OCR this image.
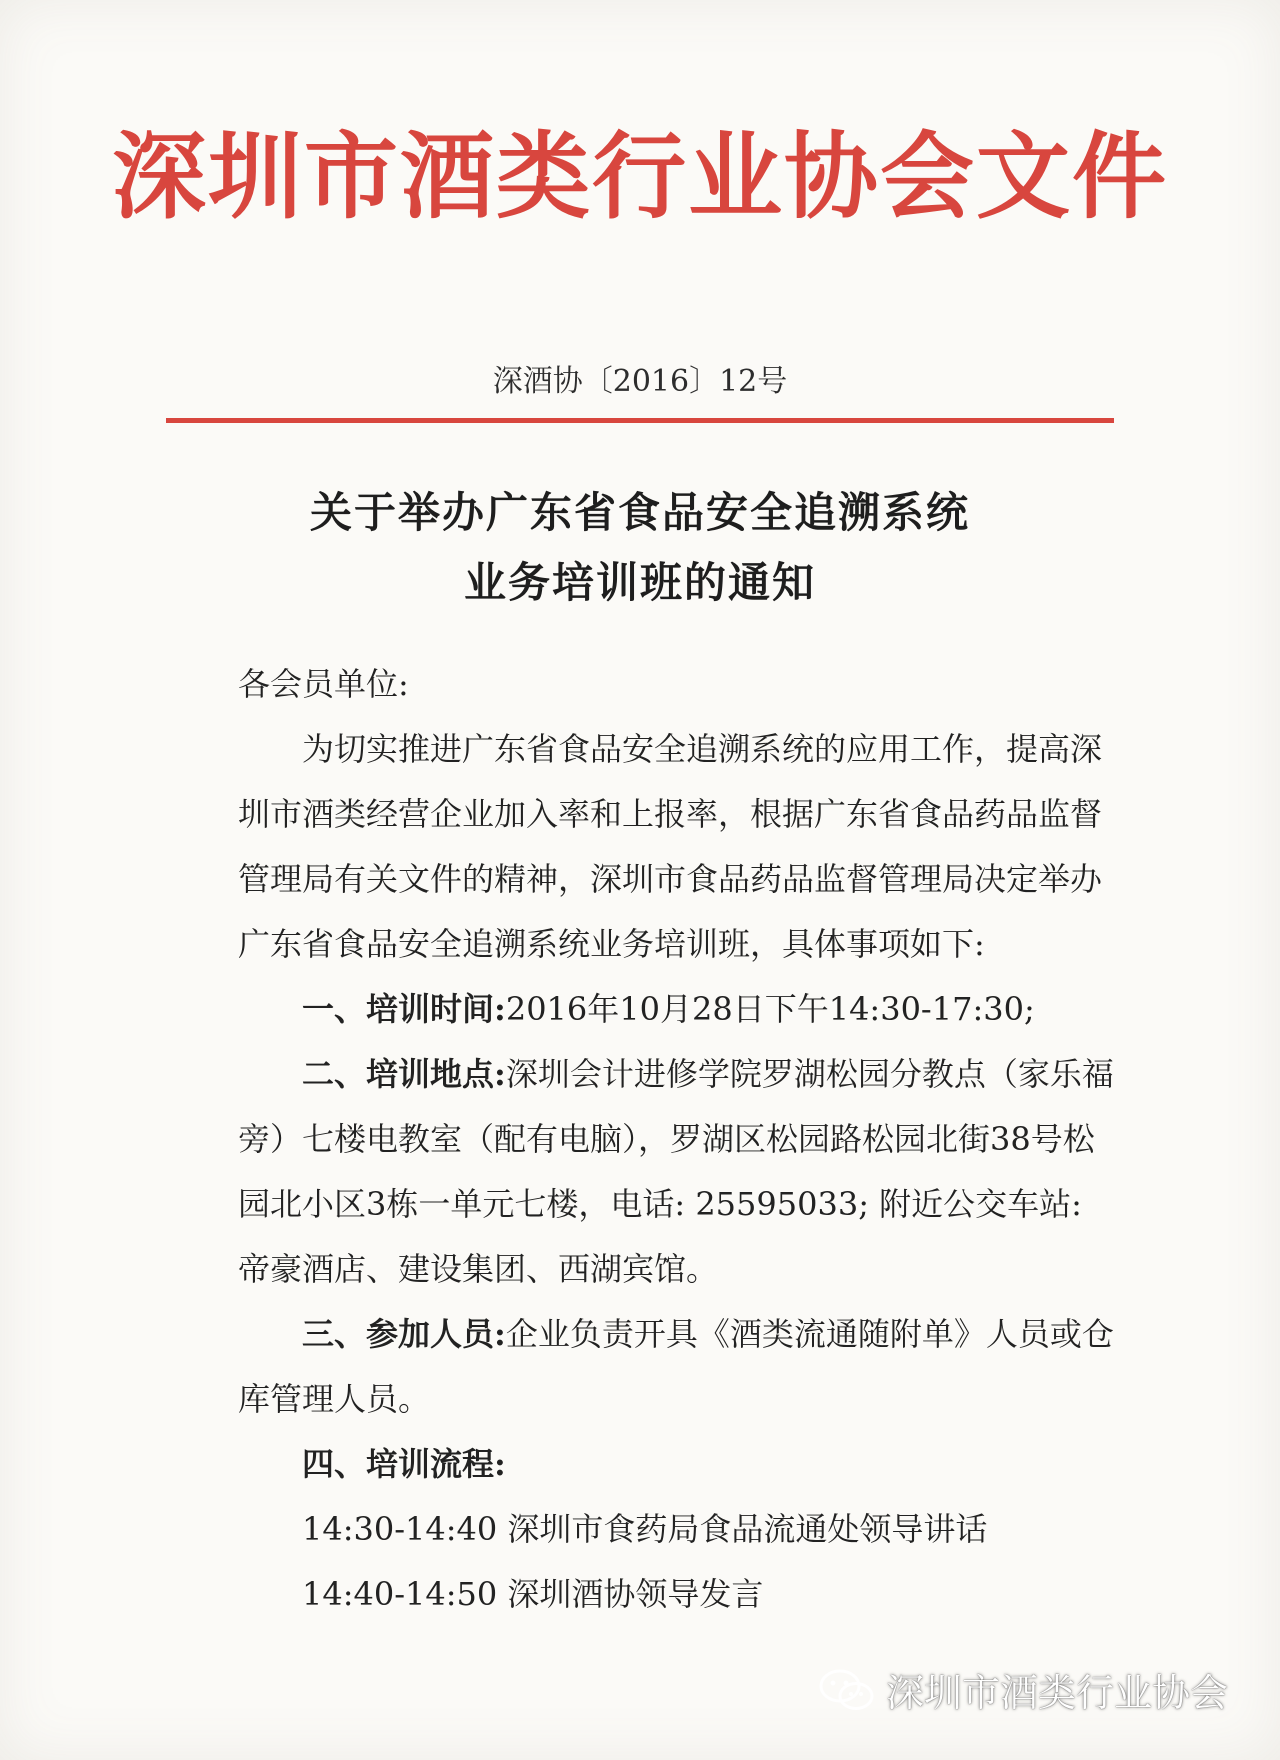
深圳市酒类行业协会文件
深酒协〔2016〕12号
关于举办广东省食品安全追溯系统
业务培训班的通知

各会员单位:

为切实推进广东省食品安全追溯系统的应用工作，提高深圳市酒类经营企业加入率和上报率，根据广东省食品药品监督管理局有关文件的精神，深圳市食品药品监督管理局决定举办广东省食品安全追溯系统业务培训班，具体事项如下:

一、培训时间:2016年10月28日下午14:30-17:30;

二、培训地点:深圳会计进修学院罗湖松园分教点（家乐福旁）七楼电教室（配有电脑），罗湖区松园路松园北街38号松园北小区3栋一单元七楼，电话: 25595033; 附近公交车站: 帝豪酒店、建设集团、西湖宾馆。

三、参加人员:企业负责开具《酒类流通随附单》人员或仓库管理人员。

四、培训流程:

14:30-14:40 深圳市食药局食品流通处领导讲话

14:40-14:50 深圳酒协领导发言

深圳市酒类行业协会
